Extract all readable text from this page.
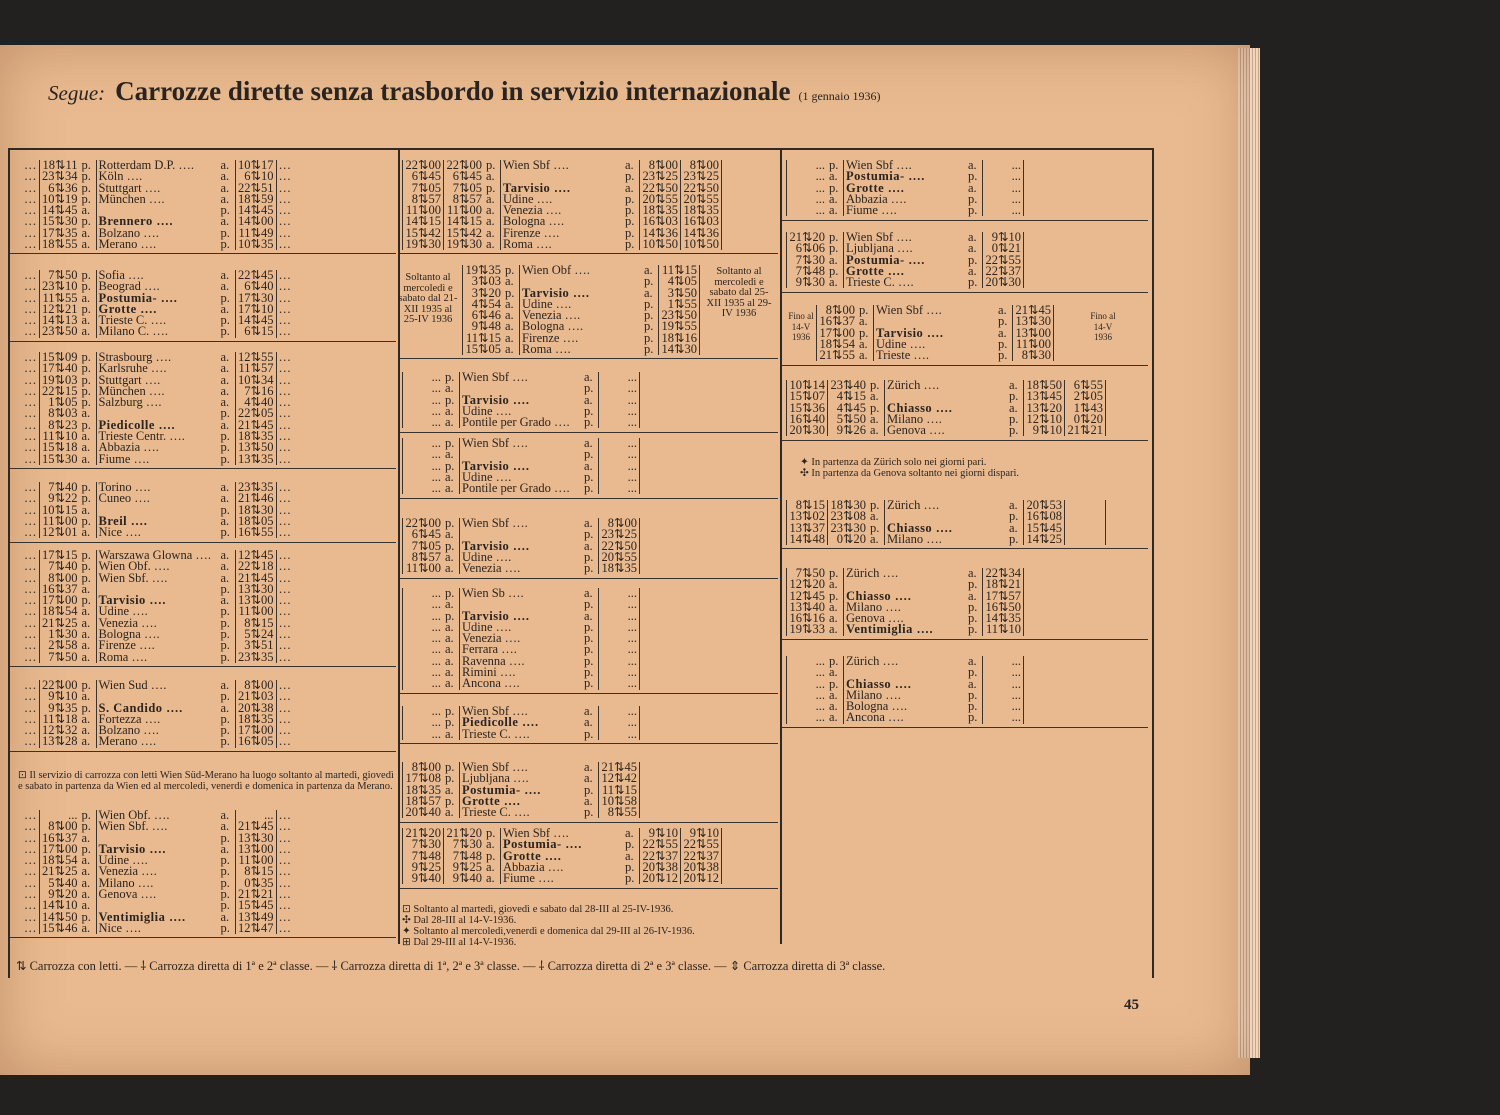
Segue: Carrozze dirette senza trasbordo in servizio internazionale (1 gennaio 1936)
…	18⇅11	p.	Rotterdam D.P. ….	a.	10⇅17	…
…	23⇅34	p.	Köln ….	a.	6⇅10	…
…	6⇅36	p.	Stuttgart ….	a.	22⇅51	…
…	10⇅19	p.	München ….	a.	18⇅59	…
…	14⇅45	a.		p.	14⇅45	…
…	15⇅30	p.	Brennero ….	a.	14⇅00	…
…	17⇅35	a.	Bolzano ….	p.	11⇅49	…
…	18⇅55	a.	Merano ….	p.	10⇅35	…
…	7⇅50	p.	Sofia ….	a.	22⇅45	…
…	23⇅10	p.	Beograd ….	a.	6⇅40	…
…	11⇅55	a.	Postumia- ….	p.	17⇅30	…
…	12⇅21	p.	Grotte ….	a.	17⇅10	…
…	14⇅13	a.	Trieste C. ….	p.	14⇅45	…
…	23⇅50	a.	Milano C. ….	p.	6⇅15	…
…	15⇅09	p.	Strasbourg ….	a.	12⇅55	…
…	17⇅40	p.	Karlsruhe ….	a.	11⇅57	…
…	19⇅03	p.	Stuttgart ….	a.	10⇅34	…
…	22⇅15	p.	München ….	a.	7⇅16	…
…	1⇅05	p.	Salzburg ….	a.	4⇅40	…
…	8⇅03	a.		p.	22⇅05	…
…	8⇅23	p.	Piedicolle ….	a.	21⇅45	…
…	11⇅10	a.	Trieste Centr. ….	p.	18⇅35	…
…	15⇅18	a.	Abbazia ….	p.	13⇅50	…
…	15⇅30	a.	Fiume ….	p.	13⇅35	…
…	7⇅40	p.	Torino ….	a.	23⇅35	…
…	9⇅22	p.	Cuneo ….	a.	21⇅46	…
…	10⇅15	a.		p.	18⇅30	…
…	11⇅00	p.	Breil ….	a.	18⇅05	…
…	12⇅01	a.	Nice ….	p.	16⇅55	…
…	17⇅15	p.	Warszawa Glowna ….	a.	12⇅45	…
…	7⇅40	p.	Wien Obf. ….	a.	22⇅18	…
…	8⇅00	p.	Wien Sbf. ….	a.	21⇅45	…
…	16⇅37	a.		p.	13⇅30	…
…	17⇅00	p.	Tarvisio ….	a.	13⇅00	…
…	18⇅54	a.	Udine ….	p.	11⇅00	…
…	21⇅25	a.	Venezia ….	p.	8⇅15	…
…	1⇅30	a.	Bologna ….	p.	5⇅24	…
…	2⇅58	a.	Firenze ….	p.	3⇅51	…
…	7⇅50	a.	Roma ….	p.	23⇅35	…
…	22⇅00	p.	Wien Sud ….	a.	8⇅00	…
…	9⇅10	a.		p.	21⇅03	…
…	9⇅35	p.	S. Candido ….	a.	20⇅38	…
…	11⇅18	a.	Fortezza ….	p.	18⇅35	…
…	12⇅32	a.	Bolzano ….	p.	17⇅00	…
…	13⇅28	a.	Merano ….	p.	16⇅05	…
⊡ Il servizio di carrozza con letti Wien Süd-Merano ha luogo soltanto al martedì, giovedì e sabato in partenza da Wien ed al mercoledì, venerdì e domenica in partenza da Merano.
…	...	p.	Wien Obf. ….	a.	...	…
…	8⇅00	p.	Wien Sbf. ….	a.	21⇅45	…
…	16⇅37	a.		p.	13⇅30	…
…	17⇅00	p.	Tarvisio ….	a.	13⇅00	…
…	18⇅54	a.	Udine ….	p.	11⇅00	…
…	21⇅25	a.	Venezia ….	p.	8⇅15	…
…	5⇅40	a.	Milano ….	p.	0⇅35	…
…	9⇅20	a.	Genova ….	p.	21⇅21	…
…	14⇅10	a.		p.	15⇅45	…
…	14⇅50	p.	Ventimiglia ….	a.	13⇅49	…
…	15⇅46	a.	Nice ….	p.	12⇅47	…
22⇅00	22⇅00	p.	Wien Sbf ….	a.	8⇅00	8⇅00
6⇅45	6⇅45	a.		p.	23⇅25	23⇅25
7⇅05	7⇅05	p.	Tarvisio ….	a.	22⇅50	22⇅50
8⇅57	8⇅57	a.	Udine ….	p.	20⇅55	20⇅55
11⇅00	11⇅00	a.	Venezia ….	p.	18⇅35	18⇅35
14⇅15	14⇅15	a.	Bologna ….	p.	16⇅03	16⇅03
15⇅42	15⇅42	a.	Firenze ….	p.	14⇅36	14⇅36
19⇅30	19⇅30	a.	Roma ….	p.	10⇅50	10⇅50
19⇅35	p.	Wien Obf ….	a.	11⇅15
3⇅03	a.		p.	4⇅05
3⇅20	p.	Tarvisio ….	a.	3⇅50
4⇅54	a.	Udine ….	p.	1⇅55
6⇅46	a.	Venezia ….	p.	23⇅50
9⇅48	a.	Bologna ….	p.	19⇅55
11⇅15	a.	Firenze ….	p.	18⇅16
15⇅05	a.	Roma ….	p.	14⇅30
Soltanto al mercoledì e sabato dal 21-XII 1935 al 25-IV 1936
Soltanto al mercoledì e sabato dal 25-XII 1935 al 29-IV 1936
...	p.	Wien Sbf ….	a.	...
...	a.		p.	...
...	p.	Tarvisio ….	a.	...
...	a.	Udine ….	p.	...
...	a.	Pontile per Grado ….	p.	...
...	p.	Wien Sbf ….	a.	...
...	a.		p.	...
...	p.	Tarvisio ….	a.	...
...	a.	Udine ….	p.	...
...	a.	Pontile per Grado ….	p.	...
22⇅00	p.	Wien Sbf ….	a.	8⇅00
6⇅45	a.		p.	23⇅25
7⇅05	p.	Tarvisio ….	a.	22⇅50
8⇅57	a.	Udine ….	p.	20⇅55
11⇅00	a.	Venezia ….	p.	18⇅35
...	p.	Wien Sb ….	a.	...
...	a.		p.	...
...	p.	Tarvisio ….	a.	...
...	a.	Udine ….	p.	...
...	a.	Venezia ….	p.	...
...	a.	Ferrara ….	p.	...
...	a.	Ravenna ….	p.	...
...	a.	Rimini ….	p.	...
...	a.	Ancona ….	p.	...
...	p.	Wien Sbf ….	a.	...
...	p.	Piedicolle ….	a.	...
...	a.	Trieste C. ….	p.	...
8⇅00	p.	Wien Sbf ….	a.	21⇅45
17⇅08	p.	Ljubljana ….	a.	12⇅42
18⇅35	a.	Postumia- ….	p.	11⇅15
18⇅57	p.	Grotte ….	a.	10⇅58
20⇅40	a.	Trieste C. ….	p.	8⇅55
21⇅20	21⇅20	p.	Wien Sbf ….	a.	9⇅10	9⇅10
7⇅30	7⇅30	a.	Postumia- ….	p.	22⇅55	22⇅55
7⇅48	7⇅48	p.	Grotte ….	a.	22⇅37	22⇅37
9⇅25	9⇅25	a.	Abbazia ….	p.	20⇅38	20⇅38
9⇅40	9⇅40	a.	Fiume ….	p.	20⇅12	20⇅12
⊡ Soltanto al martedì, giovedì e sabato dal 28-III al 25-IV-1936.
✣ Dal 28-III al 14-V-1936.
✦ Soltanto al mercoledì,venerdì e domenica dal 29-III al 26-IV-1936.
⊞ Dal 29-III al 14-V-1936.
...	p.	Wien Sbf ….	a.	...
...	a.	Postumia- ….	p.	...
...	p.	Grotte ….	a.	...
...	a.	Abbazia ….	p.	...
...	a.	Fiume ….	p.	...
21⇅20	p.	Wien Sbf ….	a.	9⇅10
6⇅06	p.	Ljubljana ….	a.	0⇅21
7⇅30	a.	Postumia- ….	p.	22⇅55
7⇅48	p.	Grotte ….	a.	22⇅37
9⇅30	a.	Trieste C. ….	p.	20⇅30
8⇅00	p.	Wien Sbf ….	a.	21⇅45
16⇅37	a.		p.	13⇅30
17⇅00	p.	Tarvisio ….	a.	13⇅00
18⇅54	a.	Udine ….	p.	11⇅00
21⇅55	a.	Trieste ….	p.	8⇅30
Fino al 14-V 1936
Fino al 14-V 1936
10⇅14	23⇅40	p.	Zürich ….	a.	18⇅50	6⇅55
15⇅07	4⇅15	a.		p.	13⇅45	2⇅05
15⇅36	4⇅45	p.	Chiasso ….	a.	13⇅20	1⇅43
16⇅40	5⇅50	a.	Milano ….	p.	12⇅10	0⇅20
20⇅30	9⇅26	a.	Genova ….	p.	9⇅10	21⇅21
✦ In partenza da Zürich solo nei giorni pari.
✣ In partenza da Genova soltanto nei giorni dispari.
8⇅15	18⇅30	p.	Zürich ….	a.	20⇅53	
13⇅02	23⇅08	a.		p.	16⇅08	
13⇅37	23⇅30	p.	Chiasso ….	a.	15⇅45	
14⇅48	0⇅20	a.	Milano ….	p.	14⇅25	
7⇅50	p.	Zürich ….	a.	22⇅34
12⇅20	a.		p.	18⇅21
12⇅45	p.	Chiasso ….	a.	17⇅57
13⇅40	a.	Milano ….	p.	16⇅50
16⇅16	a.	Genova ….	p.	14⇅35
19⇅33	a.	Ventimiglia ….	p.	11⇅10
...	p.	Zürich ….	a.	...
...	a.		p.	...
...	p.	Chiasso ….	a.	...
...	a.	Milano ….	p.	...
...	a.	Bologna ….	p.	...
...	a.	Ancona ….	p.	...
⇅ Carrozza con letti. — ⸸ Carrozza diretta di 1ª e 2ª classe. — ⸸ Carrozza diretta di 1ª, 2ª e 3ª classe. — ⸸ Carrozza diretta di 2ª e 3ª classe. — ⇕ Carrozza diretta di 3ª classe.
45
